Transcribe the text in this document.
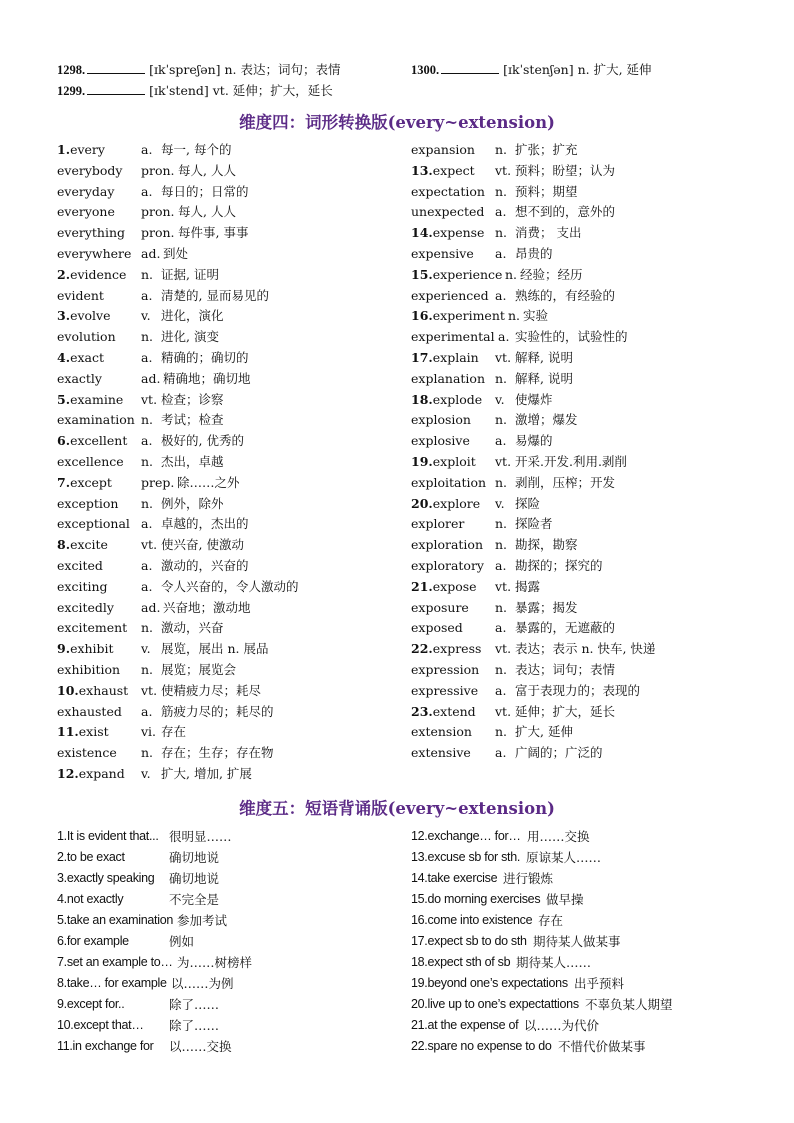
1298.	[ɪkˈspreʃən] n. 表达；词句；表情
1299.	[ɪkˈstend] vt. 延伸；扩大，延长
1300.	[ɪkˈstenʃən] n. 扩大, 延伸
维度四：词形转换版(every~extension)
1.every	a. 每一, 每个的
everybody pron. 每人, 人人
everyday a. 每日的；日常的
everyone pron. 每人, 人人
everything pron. 每件事, 事事
everywhere ad. 到处
2.evidence n. 证据, 证明
evident	a. 清楚的, 显而易见的
3.evolve v. 进化，演化
evolution n. 进化, 演变
4.exact	a. 精确的；确切的
exactly	ad. 精确地；确切地
5.examine vt. 检查；诊察
examination n. 考试；检查
6.excellent a. 极好的, 优秀的
excellence n. 杰出，卓越
7.except prep. 除……之外
exception n. 例外，除外
exceptional a. 卓越的，杰出的
8.excite	vt. 使兴奋, 使激动
excited	a. 激动的，兴奋的
exciting	a. 令人兴奋的，令人激动的
excitedly ad. 兴奋地；激动地
excitement n. 激动，兴奋
9.exhibit v. 展览，展出 n. 展品
exhibition n. 展览；展览会
10.exhaust vt. 使精疲力尽；耗尽
exhausted a. 筋疲力尽的；耗尽的
11.exist	vi. 存在
existence n. 存在；生存；存在物
12.expand v. 扩大, 增加, 扩展
expansion n. 扩张；扩充
13.expect vt. 预料；盼望；认为
expectation n. 预料；期望
unexpected a. 想不到的，意外的
14.expense n. 消费； 支出
expensive a. 昂贵的
15.experience n. 经验；经历
experienced a. 熟练的，有经验的
16.experiment n. 实验
experimental a. 实验性的，试验性的
17.explain vt. 解释, 说明
explanation n. 解释, 说明
18.explode v. 使爆炸
explosion n. 激增；爆发
explosive a. 易爆的
19.exploit vt. 开采.开发.利用.剥削
exploitation n. 剥削，压榨；开发
20.explore v. 探险
explorer n. 探险者
exploration n. 勘探，勘察
exploratory a. 勘探的；探究的
21.expose vt. 揭露
exposure n. 暴露；揭发
exposed	a. 暴露的，无遮蔽的
22.express vt. 表达；表示 n. 快车, 快递
expression n. 表达；词句；表情
expressive a. 富于表现力的；表现的
23.extend vt. 延伸；扩大，延长
extension n. 扩大, 延伸
extensive a. 广阔的；广泛的
维度五：短语背诵版(every~extension)
1.It is evident that... 很明显……
2.to be exact	确切地说
3.exactly speaking 确切地说
4.not exactly	不完全是
5.take an examination 参加考试
6.for example	例如
7.set an example to… 为……树榜样
8.take… for example 以……为例
9.except for..	除了……
10.except that… 除了……
11.in exchange for 以……交换
12.exchange… for… 用……交换
13.excuse sb for sth. 原谅某人……
14.take exercise 进行锻炼
15.do morning exercises 做早操
16.come into existence 存在
17.expect sb to do sth 期待某人做某事
18.expect sth of sb 期待某人……
19.beyond one’s expectations 出乎预料
20.live up to one’s expectattions 不辜负某人期望
21.at the expense of 以……为代价
22.spare no expense to do 不惜代价做某事
